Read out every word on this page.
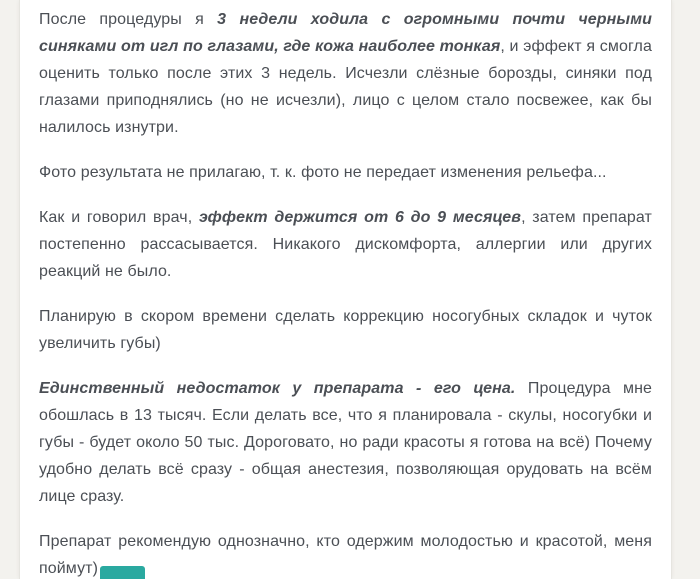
После процедуры я 3 недели ходила с огромными почти черными синяками от игл по глазами, где кожа наиболее тонкая, и эффект я смогла оценить только после этих 3 недель. Исчезли слёзные борозды, синяки под глазами приподнялись (но не исчезли), лицо с целом стало посвежее, как бы налилось изнутри.

Фото результата не прилагаю, т. к. фото не передает изменения рельефа...

Как и говорил врач, эффект держится от 6 до 9 месяцев, затем препарат постепенно рассасывается. Никакого дискомфорта, аллергии или других реакций не было.

Планирую в скором времени сделать коррекцию носогубных складок и чуток увеличить губы)

Единственный недостаток у препарата - его цена. Процедура мне обошлась в 13 тысяч. Если делать все, что я планировала - скулы, носогубки и губы - будет около 50 тыс. Дороговато, но ради красоты я готова на всё) Почему удобно делать всё сразу - общая анестезия, позволяющая орудовать на всём лице сразу.

Препарат рекомендую однозначно, кто одержим молодостью и красотой, меня поймут)
